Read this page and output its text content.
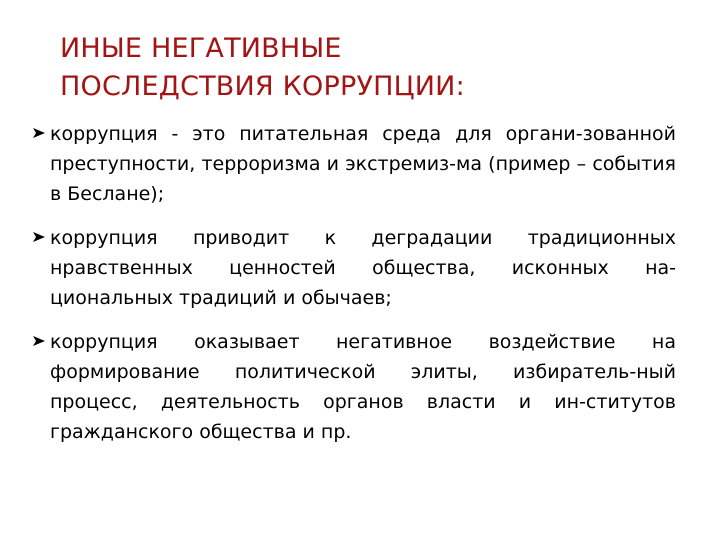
ИНЫЕ НЕГАТИВНЫЕ
ПОСЛЕДСТВИЯ КОРРУПЦИИ:
коррупция - это питательная среда для органи-зованной преступности, терроризма и экстремиз-ма (пример – события в Беслане);
коррупция приводит к деградации традиционных нравственных ценностей общества, исконных на-циональных традиций и обычаев;
коррупция оказывает негативное воздействие на формирование политической элиты, избиратель-ный процесс, деятельность органов власти и ин-ститутов гражданского общества и пр.
